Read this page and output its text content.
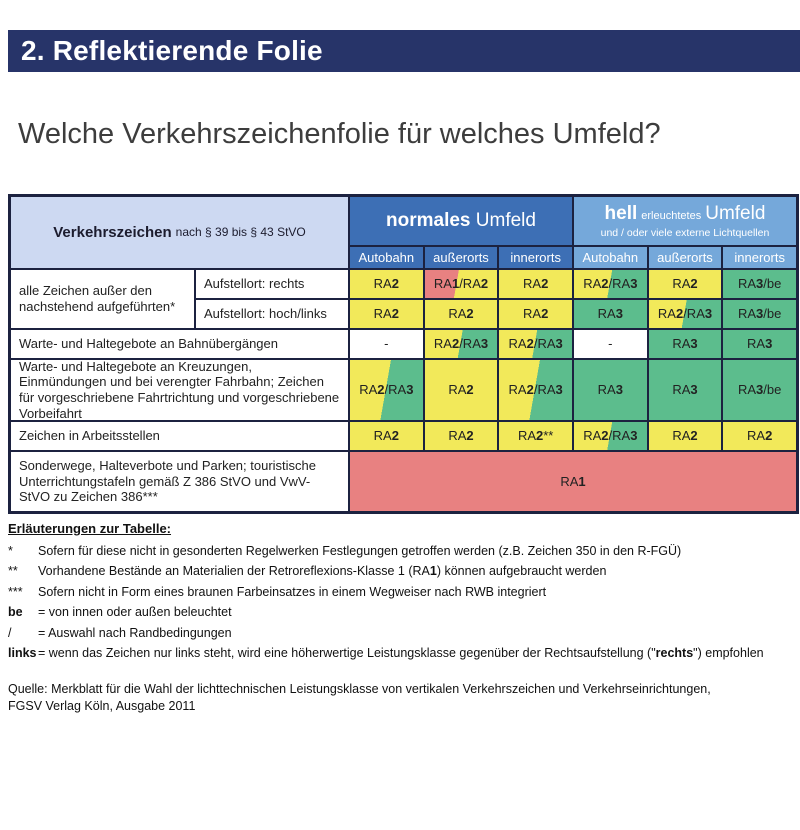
2. Reflektierende Folie
Welche Verkehrszeichenfolie für welches Umfeld?
Verkehrszeichen nach § 39 bis § 43 StVO
normales Umfeld
Autobahn	außerorts	innerorts
hell erleuchtetes Umfeld
und / oder viele externe Lichtquellen
Autobahn	außerorts	innerorts
alle Zeichen außer den nachstehend aufgeführten*
Aufstellort: rechts	RA 2	RA 1 /RA 2	RA 2	RA 2 /RA 3	RA 2	RA 3 /be
Aufstellort: hoch/links	RA 2	RA 2	RA 2	RA 3	RA 2 /RA 3	RA 3 /be
Warte- und Haltegebote an Bahnübergängen	-	RA 2 /RA 3	RA 2 /RA 3	-	RA 3	RA 3
Warte- und Haltegebote an Kreuzungen, Einmündungen und bei verengter Fahrbahn; Zeichen für vorgeschriebene Fahrtrichtung und vorgeschriebene Vorbeifahrt
RA 2 /RA 3	RA 2	RA 2 /RA 3	RA 3	RA 3	RA 3 /be
Zeichen in Arbeitsstellen	RA 2	RA 2	RA 2 **	RA 2 /RA 3	RA 2	RA 2
Sonderwege, Halteverbote und Parken; touristische Unterrichtungstafeln gemäß Z 386 StVO und VwV-StVO zu Zeichen 386***
RA 1
Erläuterungen zur Tabelle:
*	Sofern für diese nicht in gesonderten Regelwerken Festlegungen getroffen werden (z.B. Zeichen 350 in den R-FGÜ)
**	Vorhandene Bestände an Materialien der Retroreflexions-Klasse 1 (RA1) können aufgebraucht werden
***	Sofern nicht in Form eines braunen Farbeinsatzes in einem Wegweiser nach RWB integriert
be	= von innen oder außen beleuchtet
/	= Auswahl nach Randbedingungen
links = wenn das Zeichen nur links steht, wird eine höherwertige Leistungsklasse gegenüber der Rechtsaufstellung ("rechts") empfohlen
Quelle: Merkblatt für die Wahl der lichttechnischen Leistungsklasse von vertikalen Verkehrszeichen und Verkehrseinrichtungen,
FGSV Verlag Köln, Ausgabe 2011
